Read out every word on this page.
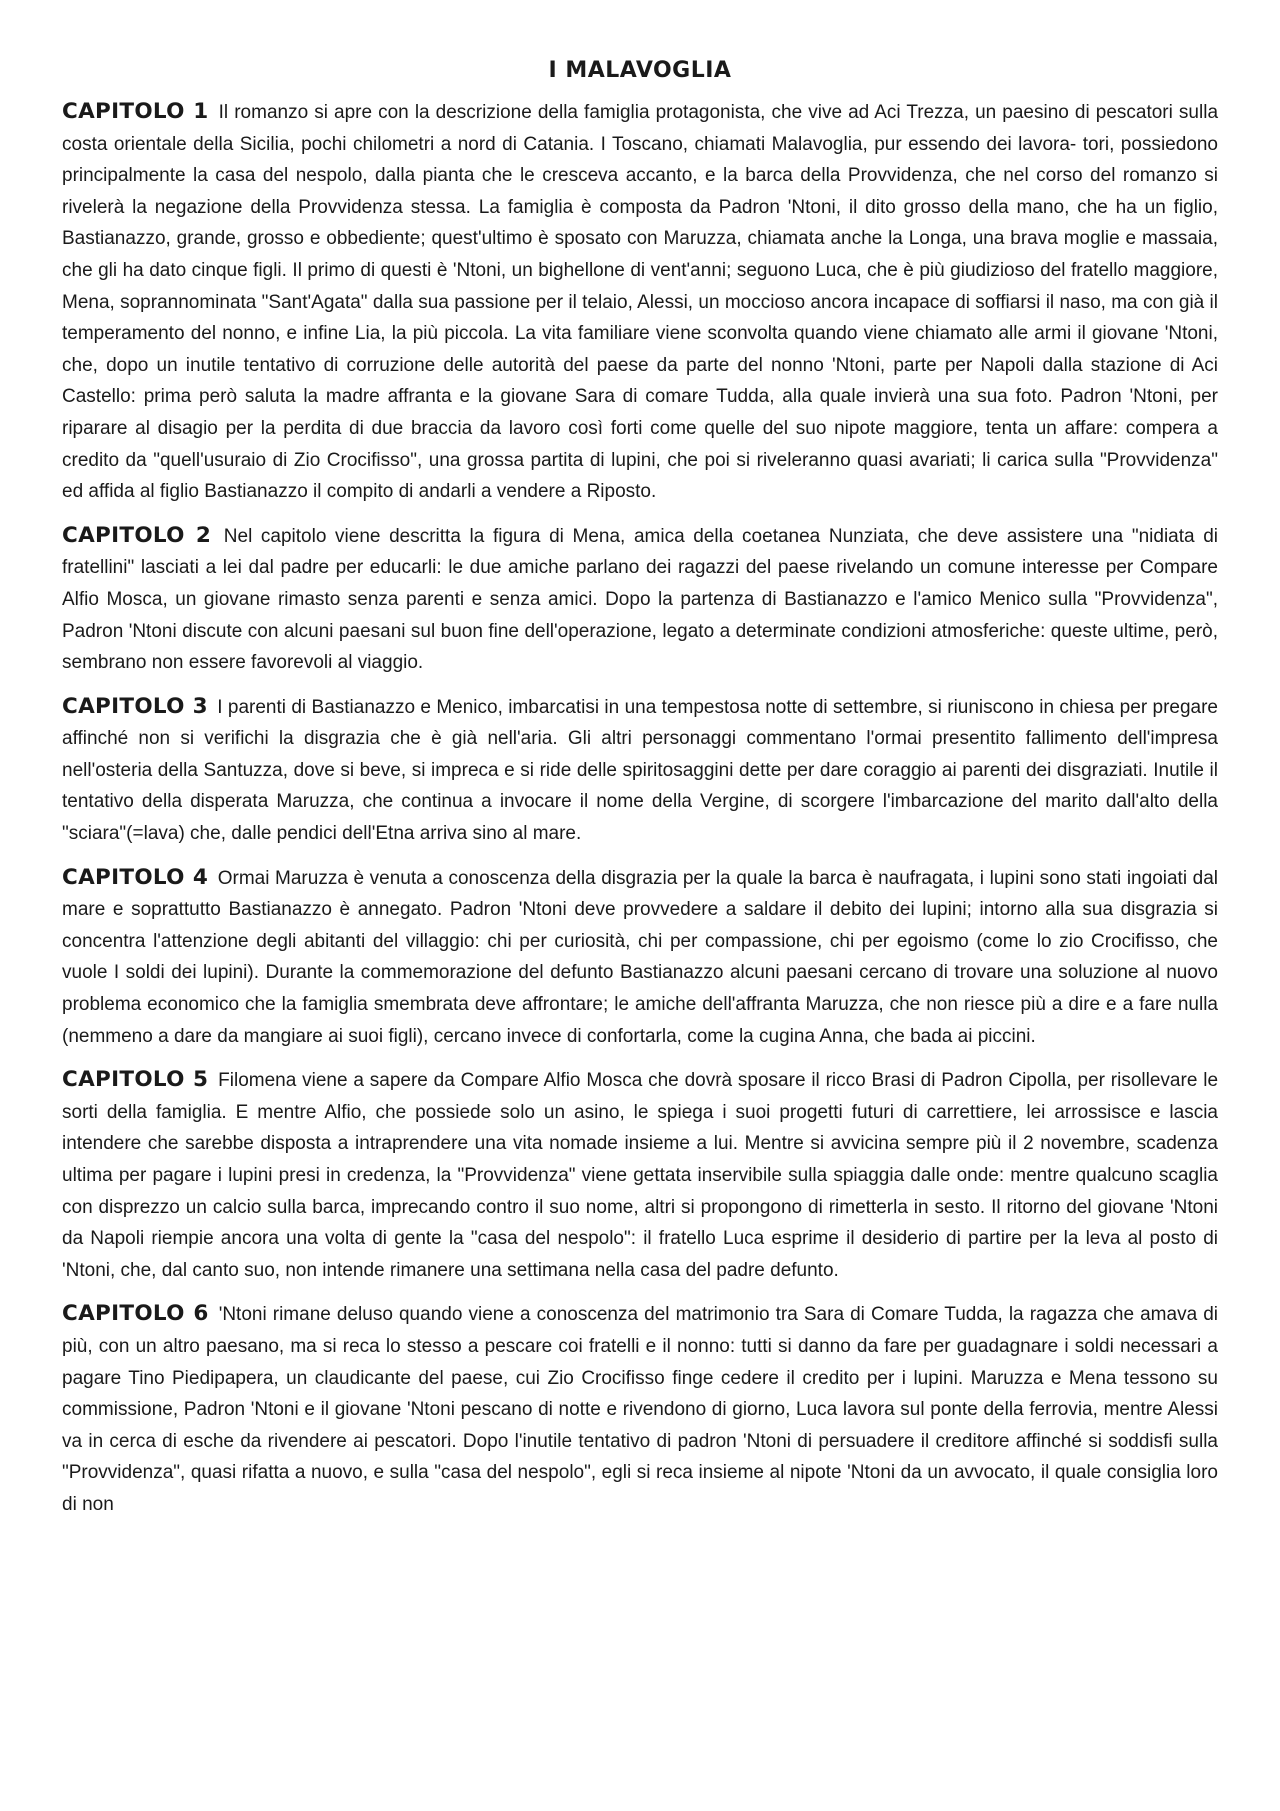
I MALAVOGLIA

CAPITOLO 1 Il romanzo si apre con la descrizione della famiglia protagonista, che vive ad Aci Trezza, un paesino di pescatori sulla costa orientale della Sicilia, pochi chilometri a nord di Catania. I Toscano, chiamati Malavoglia, pur essendo dei lavora- tori, possiedono principalmente la casa del nespolo, dalla pianta che le cresceva accanto, e la barca della Provvidenza, che nel corso del romanzo si rivelerà la negazione della Provvidenza stessa. La famiglia è composta da Padron 'Ntoni, il dito grosso della mano, che ha un figlio, Bastianazzo, grande, grosso e obbediente; quest'ultimo è sposato con Maruzza, chiamata anche la Longa, una brava moglie e massaia, che gli ha dato cinque figli. Il primo di questi è 'Ntoni, un bighellone di vent'anni; seguono Luca, che è più giudizioso del fratello maggiore, Mena, soprannominata "Sant'Agata" dalla sua passione per il telaio, Alessi, un moccioso ancora incapace di soffiarsi il naso, ma con già il temperamento del nonno, e infine Lia, la più piccola. La vita familiare viene sconvolta quando viene chiamato alle armi il giovane 'Ntoni, che, dopo un inutile tentativo di corruzione delle autorità del paese da parte del nonno 'Ntoni, parte per Napoli dalla stazione di Aci Castello: prima però saluta la madre affranta e la giovane Sara di comare Tudda, alla quale invierà una sua foto. Padron 'Ntoni, per riparare al disagio per la perdita di due braccia da lavoro così forti come quelle del suo nipote maggiore, tenta un affare: compera a credito da "quell'usuraio di Zio Crocifisso", una grossa partita di lupini, che poi si riveleranno quasi avariati; li carica sulla "Provvidenza" ed affida al figlio Bastianazzo il compito di andarli a vendere a Riposto.

CAPITOLO 2 Nel capitolo viene descritta la figura di Mena, amica della coetanea Nunziata, che deve assistere una "nidiata di fratellini" lasciati a lei dal padre per educarli: le due amiche parlano dei ragazzi del paese rivelando un comune interesse per Compare Alfio Mosca, un giovane rimasto senza parenti e senza amici. Dopo la partenza di Bastianazzo e l'amico Menico sulla "Provvidenza", Padron 'Ntoni discute con alcuni paesani sul buon fine dell'operazione, legato a determinate condizioni atmosferiche: queste ultime, però, sembrano non essere favorevoli al viaggio.

CAPITOLO 3 I parenti di Bastianazzo e Menico, imbarcatisi in una tempestosa notte di settembre, si riuniscono in chiesa per pregare affinché non si verifichi la disgrazia che è già nell'aria. Gli altri personaggi commentano l'ormai presentito fallimento dell'impresa nell'osteria della Santuzza, dove si beve, si impreca e si ride delle spiritosaggini dette per dare coraggio ai parenti dei disgraziati. Inutile il tentativo della disperata Maruzza, che continua a invocare il nome della Vergine, di scorgere l'imbarcazione del marito dall'alto della "sciara"(=lava) che, dalle pendici dell'Etna arriva sino al mare.

CAPITOLO 4 Ormai Maruzza è venuta a conoscenza della disgrazia per la quale la barca è naufragata, i lupini sono stati ingoiati dal mare e soprattutto Bastianazzo è annegato. Padron 'Ntoni deve provvedere a saldare il debito dei lupini; intorno alla sua disgrazia si concentra l'attenzione degli abitanti del villaggio: chi per curiosità, chi per compassione, chi per egoismo (come lo zio Crocifisso, che vuole I soldi dei lupini). Durante la commemorazione del defunto Bastianazzo alcuni paesani cercano di trovare una soluzione al nuovo problema economico che la famiglia smembrata deve affrontare; le amiche dell'affranta Maruzza, che non riesce più a dire e a fare nulla (nemmeno a dare da mangiare ai suoi figli), cercano invece di confortarla, come la cugina Anna, che bada ai piccini.

CAPITOLO 5 Filomena viene a sapere da Compare Alfio Mosca che dovrà sposare il ricco Brasi di Padron Cipolla, per risollevare le sorti della famiglia. E mentre Alfio, che possiede solo un asino, le spiega i suoi progetti futuri di carrettiere, lei arrossisce e lascia intendere che sarebbe disposta a intraprendere una vita nomade insieme a lui. Mentre si avvicina sempre più il 2 novembre, scadenza ultima per pagare i lupini presi in credenza, la "Provvidenza" viene gettata inservibile sulla spiaggia dalle onde: mentre qualcuno scaglia con disprezzo un calcio sulla barca, imprecando contro il suo nome, altri si propongono di rimetterla in sesto. Il ritorno del giovane 'Ntoni da Napoli riempie ancora una volta di gente la "casa del nespolo": il fratello Luca esprime il desiderio di partire per la leva al posto di 'Ntoni, che, dal canto suo, non intende rimanere una settimana nella casa del padre defunto.

CAPITOLO 6 'Ntoni rimane deluso quando viene a conoscenza del matrimonio tra Sara di Comare Tudda, la ragazza che amava di più, con un altro paesano, ma si reca lo stesso a pescare coi fratelli e il nonno: tutti si danno da fare per guadagnare i soldi necessari a pagare Tino Piedipapera, un claudicante del paese, cui Zio Crocifisso finge cedere il credito per i lupini. Maruzza e Mena tessono su commissione, Padron 'Ntoni e il giovane 'Ntoni pescano di notte e rivendono di giorno, Luca lavora sul ponte della ferrovia, mentre Alessi va in cerca di esche da rivendere ai pescatori. Dopo l'inutile tentativo di padron 'Ntoni di persuadere il creditore affinché si soddisfi sulla "Provvidenza", quasi rifatta a nuovo, e sulla "casa del nespolo", egli si reca insieme al nipote 'Ntoni da un avvocato, il quale consiglia loro di non
